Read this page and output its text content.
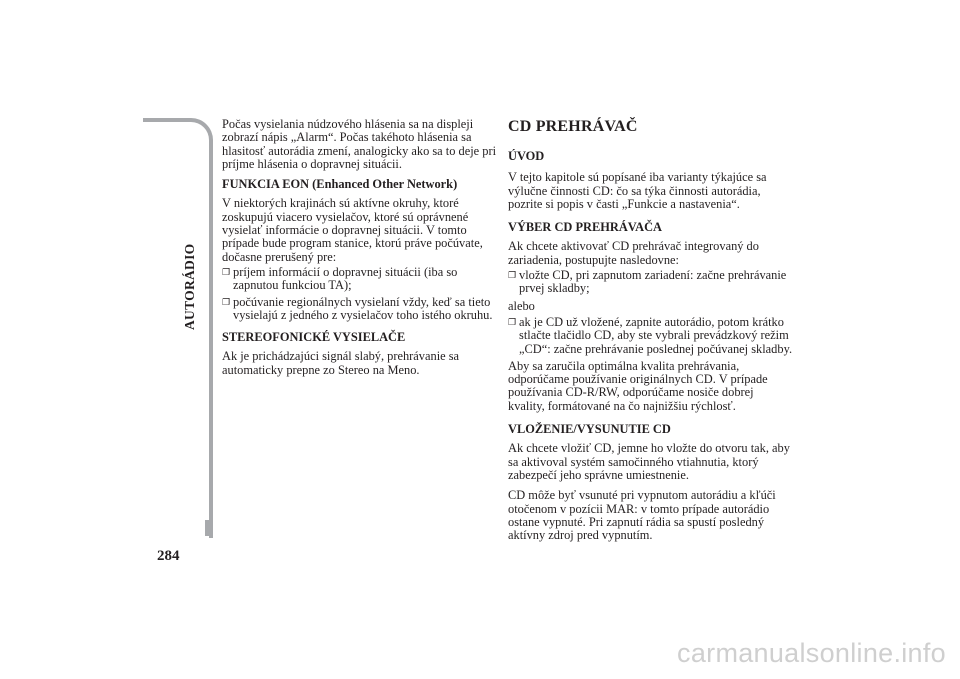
AUTORÁDIO
284

Počas vysielania núdzového hlásenia sa na displeji zobrazí nápis „Alarm“. Počas takéhoto hlásenia sa hlasitosť autorádia zmení, analogicky ako sa to deje pri príjme hlásenia o dopravnej situácii.

FUNKCIA EON (Enhanced Other Network)

V niektorých krajinách sú aktívne okruhy, ktoré zoskupujú viacero vysielačov, ktoré sú oprávnené vysielať informácie o dopravnej situácii. V tomto prípade bude program stanice, ktorú práve počúvate, dočasne prerušený pre:

❐ príjem informácií o dopravnej situácii (iba so zapnutou funkciou TA);
❐ počúvanie regionálnych vysielaní vždy, keď sa tieto vysielajú z jedného z vysielačov toho istého okruhu.
STEREOFONICKÉ VYSIELAČE

Ak je prichádzajúci signál slabý, prehrávanie sa automaticky prepne zo Stereo na Meno.

CD PREHRÁVAČ
ÚVOD

V tejto kapitole sú popísané iba varianty týkajúce sa výlučne činnosti CD: čo sa týka činnosti autorádia, pozrite si popis v časti „Funkcie a nastavenia“.

VÝBER CD PREHRÁVAČA

Ak chcete aktivovať CD prehrávač integrovaný do zariadenia, postupujte nasledovne:

❐ vložte CD, pri zapnutom zariadení: začne prehrávanie prvej skladby;
alebo
❐ ak je CD už vložené, zapnite autorádio, potom krátko stlačte tlačidlo CD, aby ste vybrali prevádzkový režim „CD“: začne prehrávanie poslednej počúvanej skladby.

Aby sa zaručila optimálna kvalita prehrávania, odporúčame používanie originálnych CD. V prípade používania CD-R/RW, odporúčame nosiče dobrej kvality, formátované na čo najnižšiu rýchlosť.

VLOŽENIE/VYSUNUTIE CD

Ak chcete vložiť CD, jemne ho vložte do otvoru tak, aby sa aktivoval systém samočinného vtiahnutia, ktorý zabezpečí jeho správne umiestnenie.

CD môže byť vsunuté pri vypnutom autorádiu a kľúči otočenom v pozícii MAR: v tomto prípade autorádio ostane vypnuté. Pri zapnutí rádia sa spustí posledný aktívny zdroj pred vypnutím.

carmanualsonline.info
